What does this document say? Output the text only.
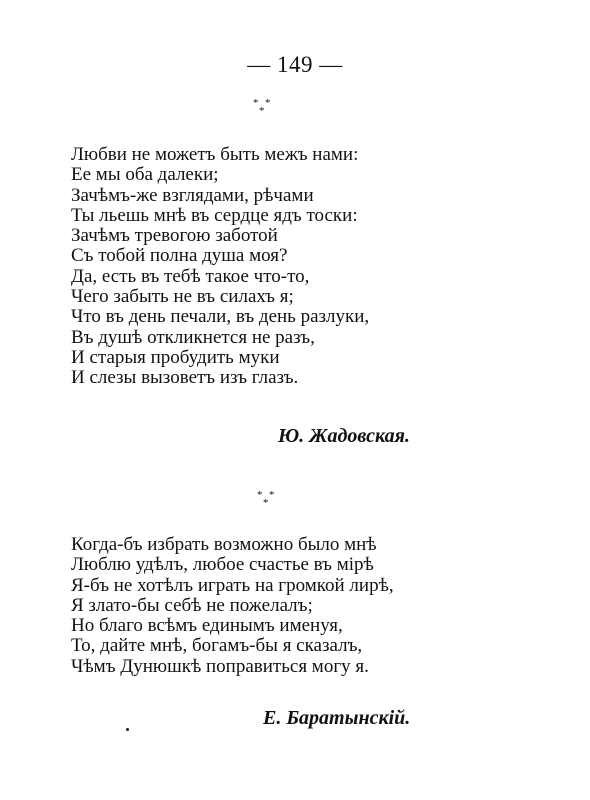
— 149 —
* *
*
Любви не можетъ быть межъ нами:
Ее мы оба далеки;
Зачѣмъ-же взглядами, рѣчами
Ты льешь мнѣ въ сердце ядъ тоски:
Зачѣмъ тревогою заботой
Съ тобой полна душа моя?
Да, есть въ тебѣ такое что-то,
Чего забыть не въ силахъ я;
Что въ день печали, въ день разлуки,
Въ душѣ откликнется не разъ,
И старыя пробудить муки
И слезы вызоветъ изъ глазъ.
Ю. Жадовская.
* *
*
Когда-бъ избрать возможно было мнѣ
Люблю удѣлъ, любое счастье въ мірѣ
Я-бъ не хотѣлъ играть на громкой лирѣ,
Я злато-бы себѣ не пожелалъ;
Но благо всѣмъ единымъ именуя,
То, дайте мнѣ, богамъ-бы я сказалъ,
Чѣмъ Дунюшкѣ поправиться могу я.
Е. Баратынскій.
